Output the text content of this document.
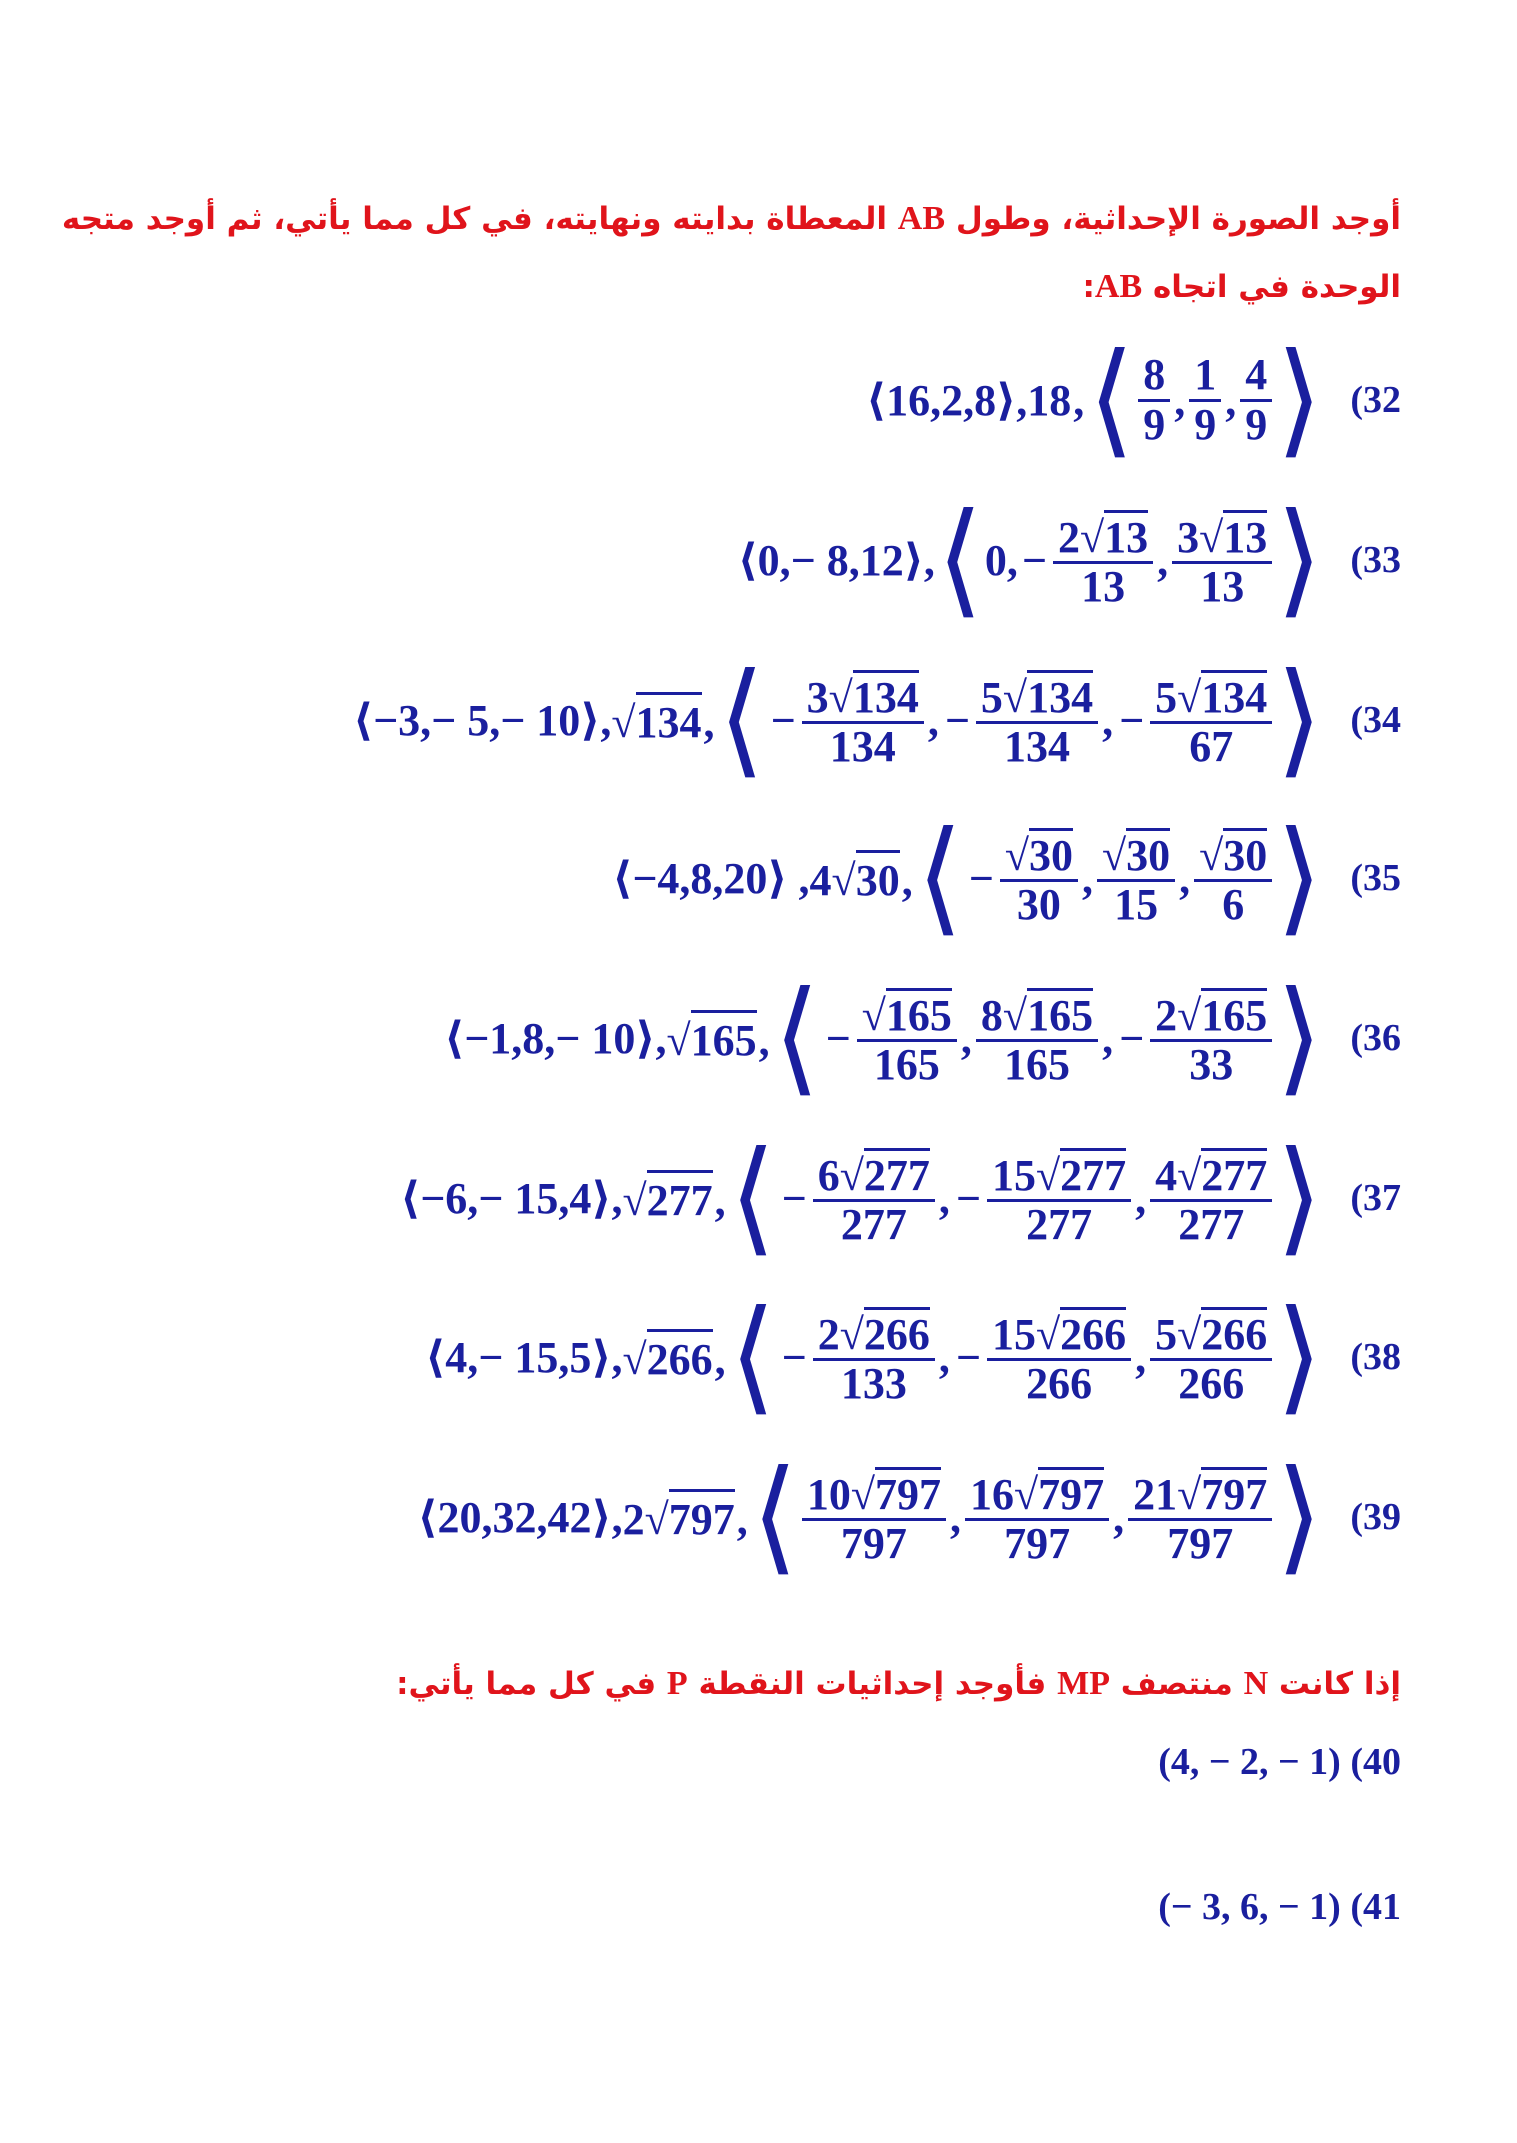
أوجد الصورة الإحداثية، وطول AB المعطاة بدايته ونهايته، في كل مما يأتي، ثم أوجد متجه
الوحدة في اتجاه AB:
⟨16,2,8⟩, 18, ⟨ $\frac{8}{9}$ , $\frac{1}{9}$ , $\frac{4}{9}$ ⟩ (32
⟨0,− 8,12⟩, ⟨ 0, − $\frac{2 √ 13}{13}$ , $\frac{3 √ 13}{13}$ ⟩ (33
⟨−3,− 5,− 10⟩, √ 134 , ⟨ − $\frac{3 √ 134}{134}$ , − $\frac{5 √ 134}{134}$ , − $\frac{5 √ 134}{67}$ ⟩ (34
⟨−4,8,20⟩ , 4 √ 30 , ⟨ − $\frac{√ 30}{30}$ , $\frac{√ 30}{15}$ , $\frac{√ 30}{6}$ ⟩ (35
⟨−1,8,− 10⟩, √ 165 , ⟨ − $\frac{√ 165}{165}$ , $\frac{8 √ 165}{165}$ , − $\frac{2 √ 165}{33}$ ⟩ (36
⟨−6,− 15,4⟩, √ 277 , ⟨ − $\frac{6 √ 277}{277}$ , − $\frac{15 √ 277}{277}$ , $\frac{4 √ 277}{277}$ ⟩ (37
⟨4,− 15,5⟩, √ 266 , ⟨ − $\frac{2 √ 266}{133}$ , − $\frac{15 √ 266}{266}$ , $\frac{5 √ 266}{266}$ ⟩ (38
⟨20,32,42⟩, 2 √ 797 , ⟨ $\frac{10 √ 797}{797}$ , $\frac{16 √ 797}{797}$ , $\frac{21 √ 797}{797}$ ⟩ (39
إذا كانت N منتصف MP فأوجد إحداثيات النقطة P في كل مما يأتي:
(4, − 2, − 1) (40
(− 3, 6, − 1) (41
